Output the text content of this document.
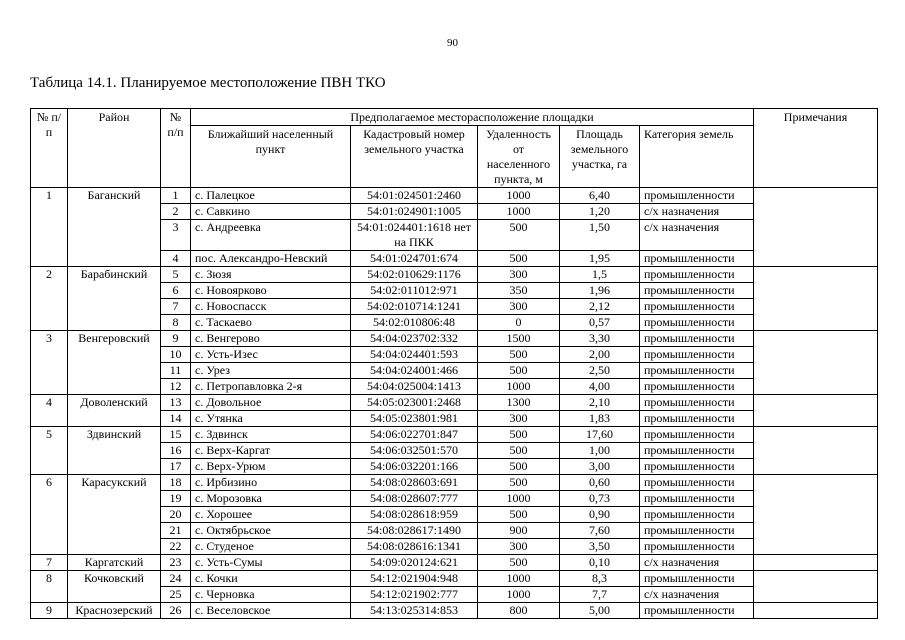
90
Таблица 14.1. Планируемое местоположение ПВН ТКО
№ п/п	Район	№ п/п	Предполагаемое месторасположение площадки					Примечания
			Ближайший населенный пункт	Кадастровый номер земельного участка	Удаленность от населенного пункта, м	Площадь земельного участка, га	Категория земель	
1	Баганский	1	с. Палецкое	54:01:024501:2460	1000	6,40	промышленности	
		2	с. Савкино	54:01:024901:1005	1000	1,20	с/х назначения	
		3	с. Андреевка	54:01:024401:1618 нет на ПКК	500	1,50	с/х назначения	
		4	пос. Александро-Невский	54:01:024701:674	500	1,95	промышленности	
2	Барабинский	5	с. Зюзя	54:02:010629:1176	300	1,5	промышленности	
		6	с. Новоярково	54:02:011012:971	350	1,96	промышленности	
		7	с. Новоспасск	54:02:010714:1241	300	2,12	промышленности	
		8	с. Таскаево	54:02:010806:48	0	0,57	промышленности	
3	Венгеровский	9	с. Венгерово	54:04:023702:332	1500	3,30	промышленности	
		10	с. Усть-Изес	54:04:024401:593	500	2,00	промышленности	
		11	с. Урез	54:04:024001:466	500	2,50	промышленности	
		12	с. Петропавловка 2-я	54:04:025004:1413	1000	4,00	промышленности	
4	Доволенский	13	с. Довольное	54:05:023001:2468	1300	2,10	промышленности	
		14	с. Утянка	54:05:023801:981	300	1,83	промышленности	
5	Здвинский	15	с. Здвинск	54:06:022701:847	500	17,60	промышленности	
		16	с. Верх-Каргат	54:06:032501:570	500	1,00	промышленности	
		17	с. Верх-Урюм	54:06:032201:166	500	3,00	промышленности	
6	Карасукский	18	с. Ирбизино	54:08:028603:691	500	0,60	промышленности	
		19	с. Морозовка	54:08:028607:777	1000	0,73	промышленности	
		20	с. Хорошее	54:08:028618:959	500	0,90	промышленности	
		21	с. Октябрьское	54:08:028617:1490	900	7,60	промышленности	
		22	с. Студеное	54:08:028616:1341	300	3,50	промышленности	
7	Каргатский	23	с. Усть-Сумы	54:09:020124:621	500	0,10	с/х назначения	
8	Кочковский	24	с. Кочки	54:12:021904:948	1000	8,3	промышленности	
		25	с. Черновка	54:12:021902:777	1000	7,7	с/х назначения	
9	Краснозерский	26	с. Веселовское	54:13:025314:853	800	5,00	промышленности	
